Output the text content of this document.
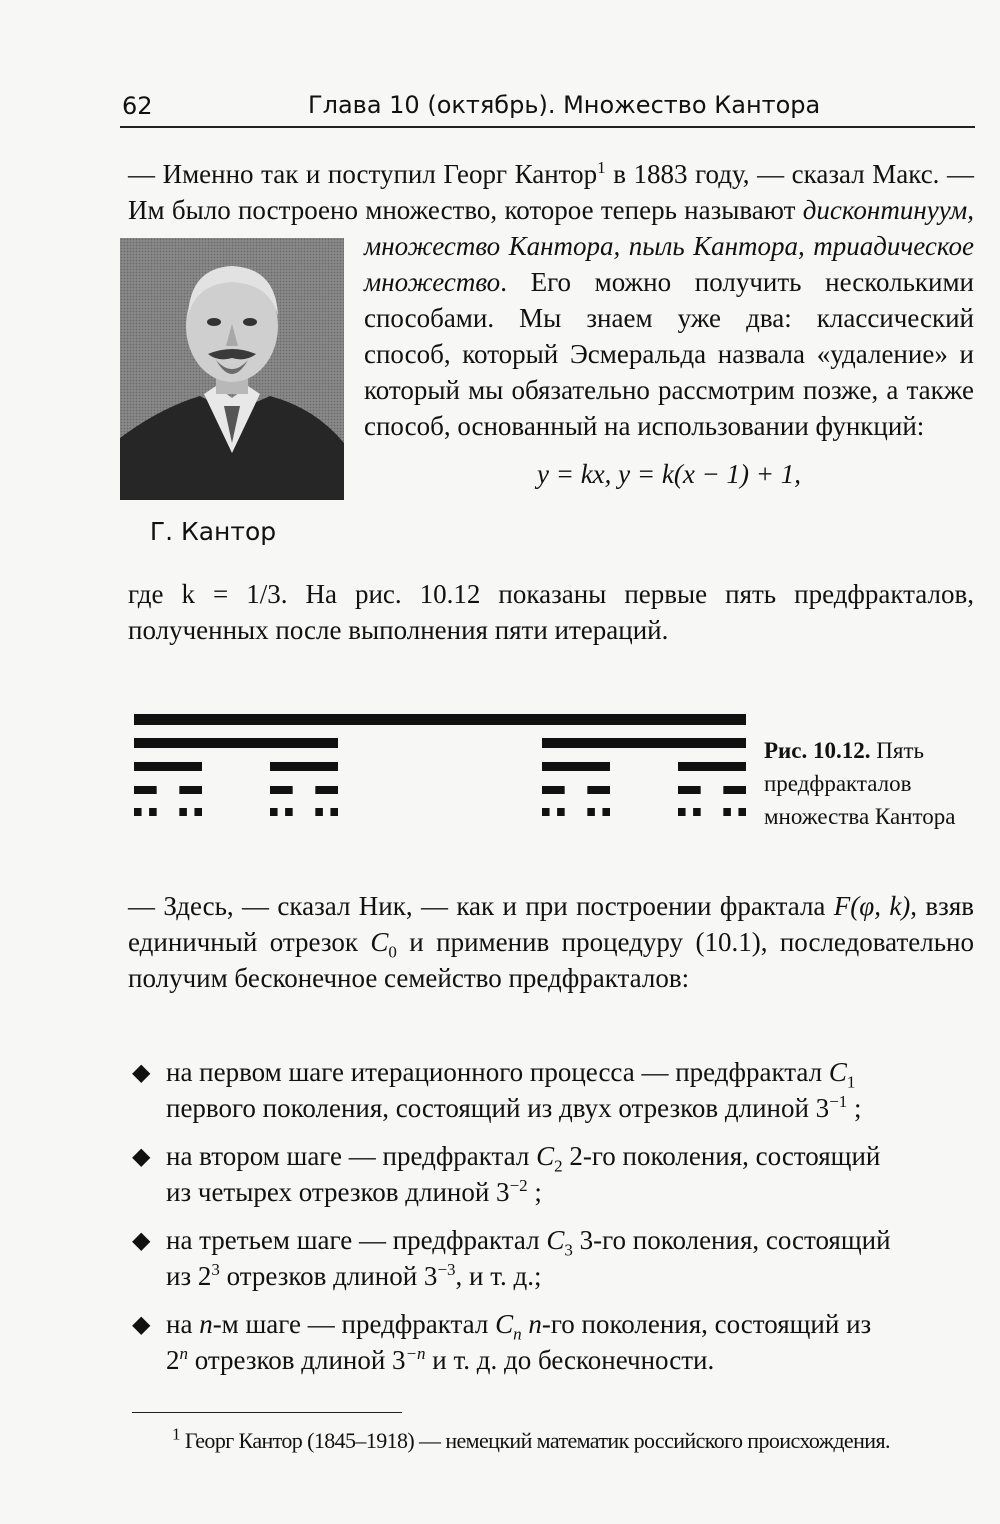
62	Глава 10 (октябрь). Множество Кантора
— Именно так и поступил Георг Кантор$^1$ в 1883 году, — сказал Макс. — Им было построено множество, которое теперь называют
Г. Кантор
дисконтинуум, множество Кантора, пыль Кантора, триадическое множество. Его можно получить несколькими способами. Мы знаем уже два: классический способ, который Эсмеральда назвала «удаление» и который мы обязательно рассмотрим позже, а также способ, основанный на использовании функций:
y = kx, y = k(x − 1) + 1,
где k = 1/3. На рис. 10.12 показаны первые пять предфракталов, полученных после выполнения пяти итераций.
Рис. 10.12. Пять предфракталов множества Кантора
— Здесь, — сказал Ник, — как и при построении фрактала F(φ, k), взяв единичный отрезок $C_0$ и применив процедуру (10.1), последовательно получим бесконечное семейство предфракталов:
◆ на первом шаге итерационного процесса — предфрактал $C_1$
первого поколения, состоящий из двух отрезков длиной $3^{-1}$ ;
◆ на втором шаге — предфрактал $C_2$ 2-го поколения, состоящий
из четырех отрезков длиной $3^{-2}$ ;
◆ на третьем шаге — предфрактал $C_3$ 3-го поколения, состоящий
из $2^3$ отрезков длиной $3^{-3}$, и т. д.;
◆ на n-м шаге — предфрактал $C_n$ n-го поколения, состоящий из
2$^n$ отрезков длиной $3^{-n}$ и т. д. до бесконечности.
$^1$ Георг Кантор (1845–1918) — немецкий математик российского происхождения.
